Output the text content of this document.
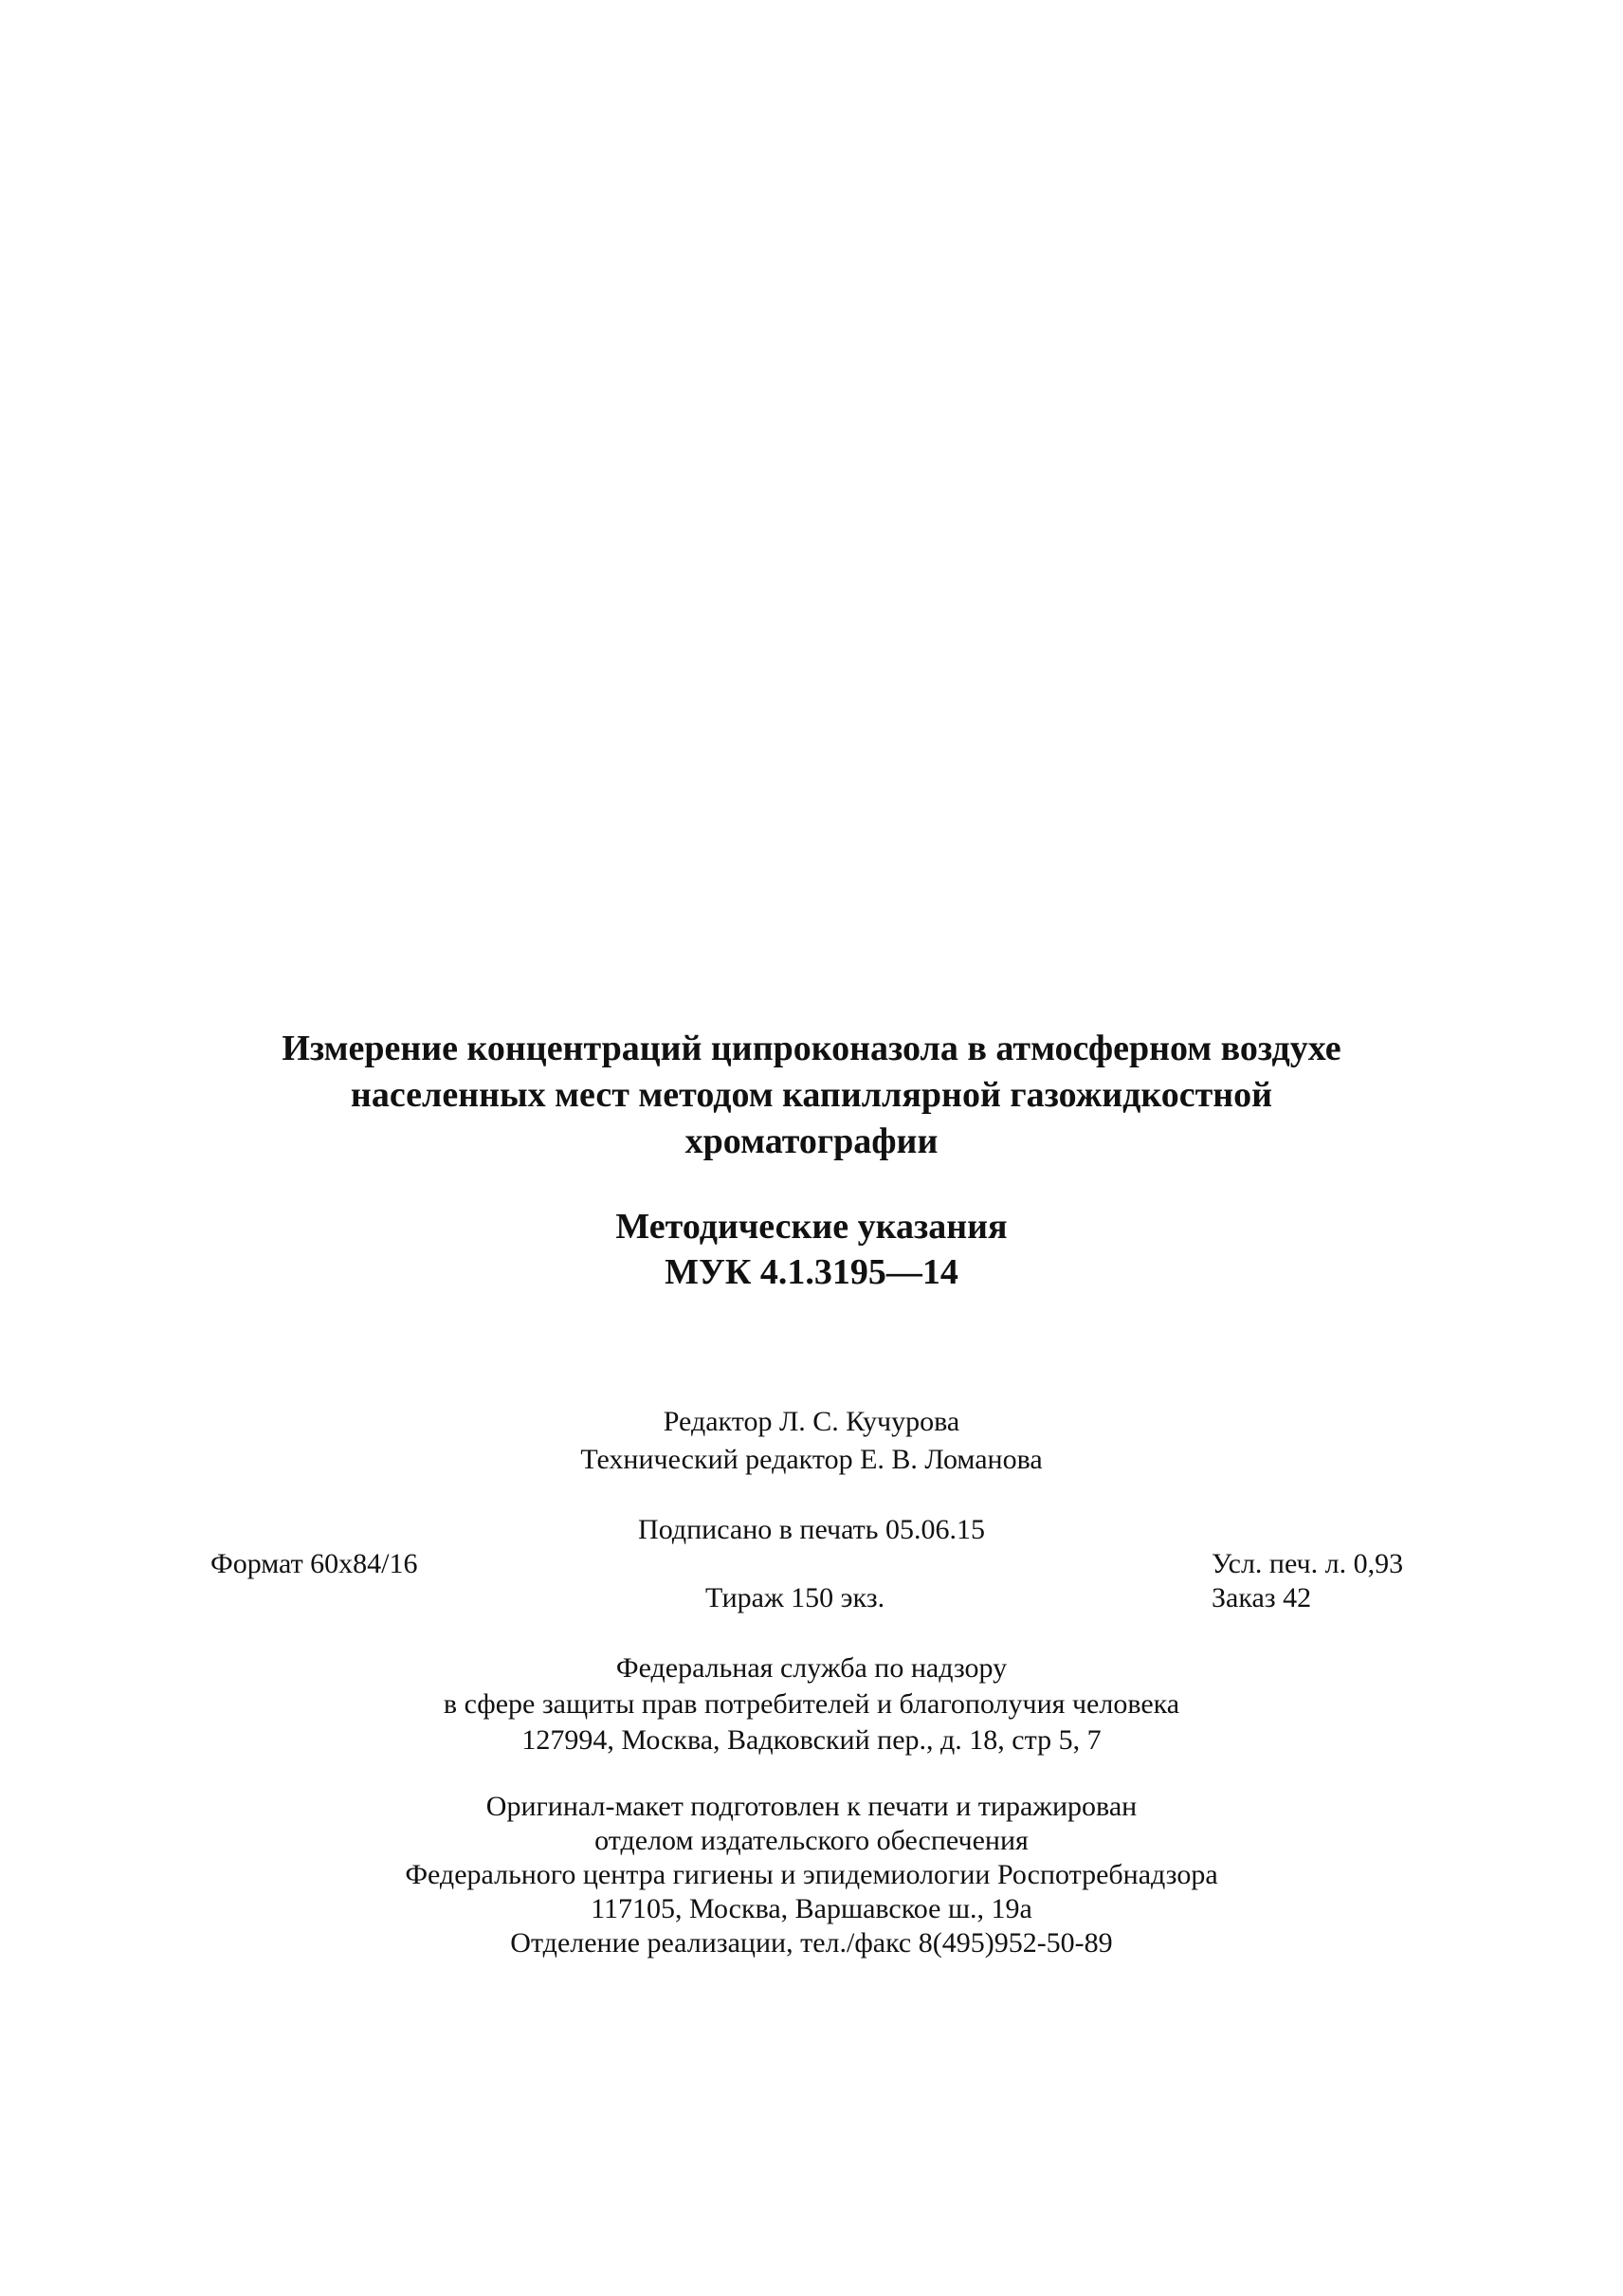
Измерение концентраций ципроконазола в атмосферном воздухе
населенных мест методом капиллярной газожидкостной
хроматографии
Методические указания
МУК 4.1.3195—14
Редактор Л. С. Кучурова
Технический редактор Е. В. Ломанова
Подписано в печать 05.06.15
Формат 60x84/16	Усл. печ. л. 0,93
Тираж 150 экз.	Заказ 42
Федеральная служба по надзору
в сфере защиты прав потребителей и благополучия человека
127994, Москва, Вадковский пер., д. 18, стр 5, 7
Оригинал-макет подготовлен к печати и тиражирован
отделом издательского обеспечения
Федерального центра гигиены и эпидемиологии Роспотребнадзора
117105, Москва, Варшавское ш., 19а
Отделение реализации, тел./факс 8(495)952-50-89
